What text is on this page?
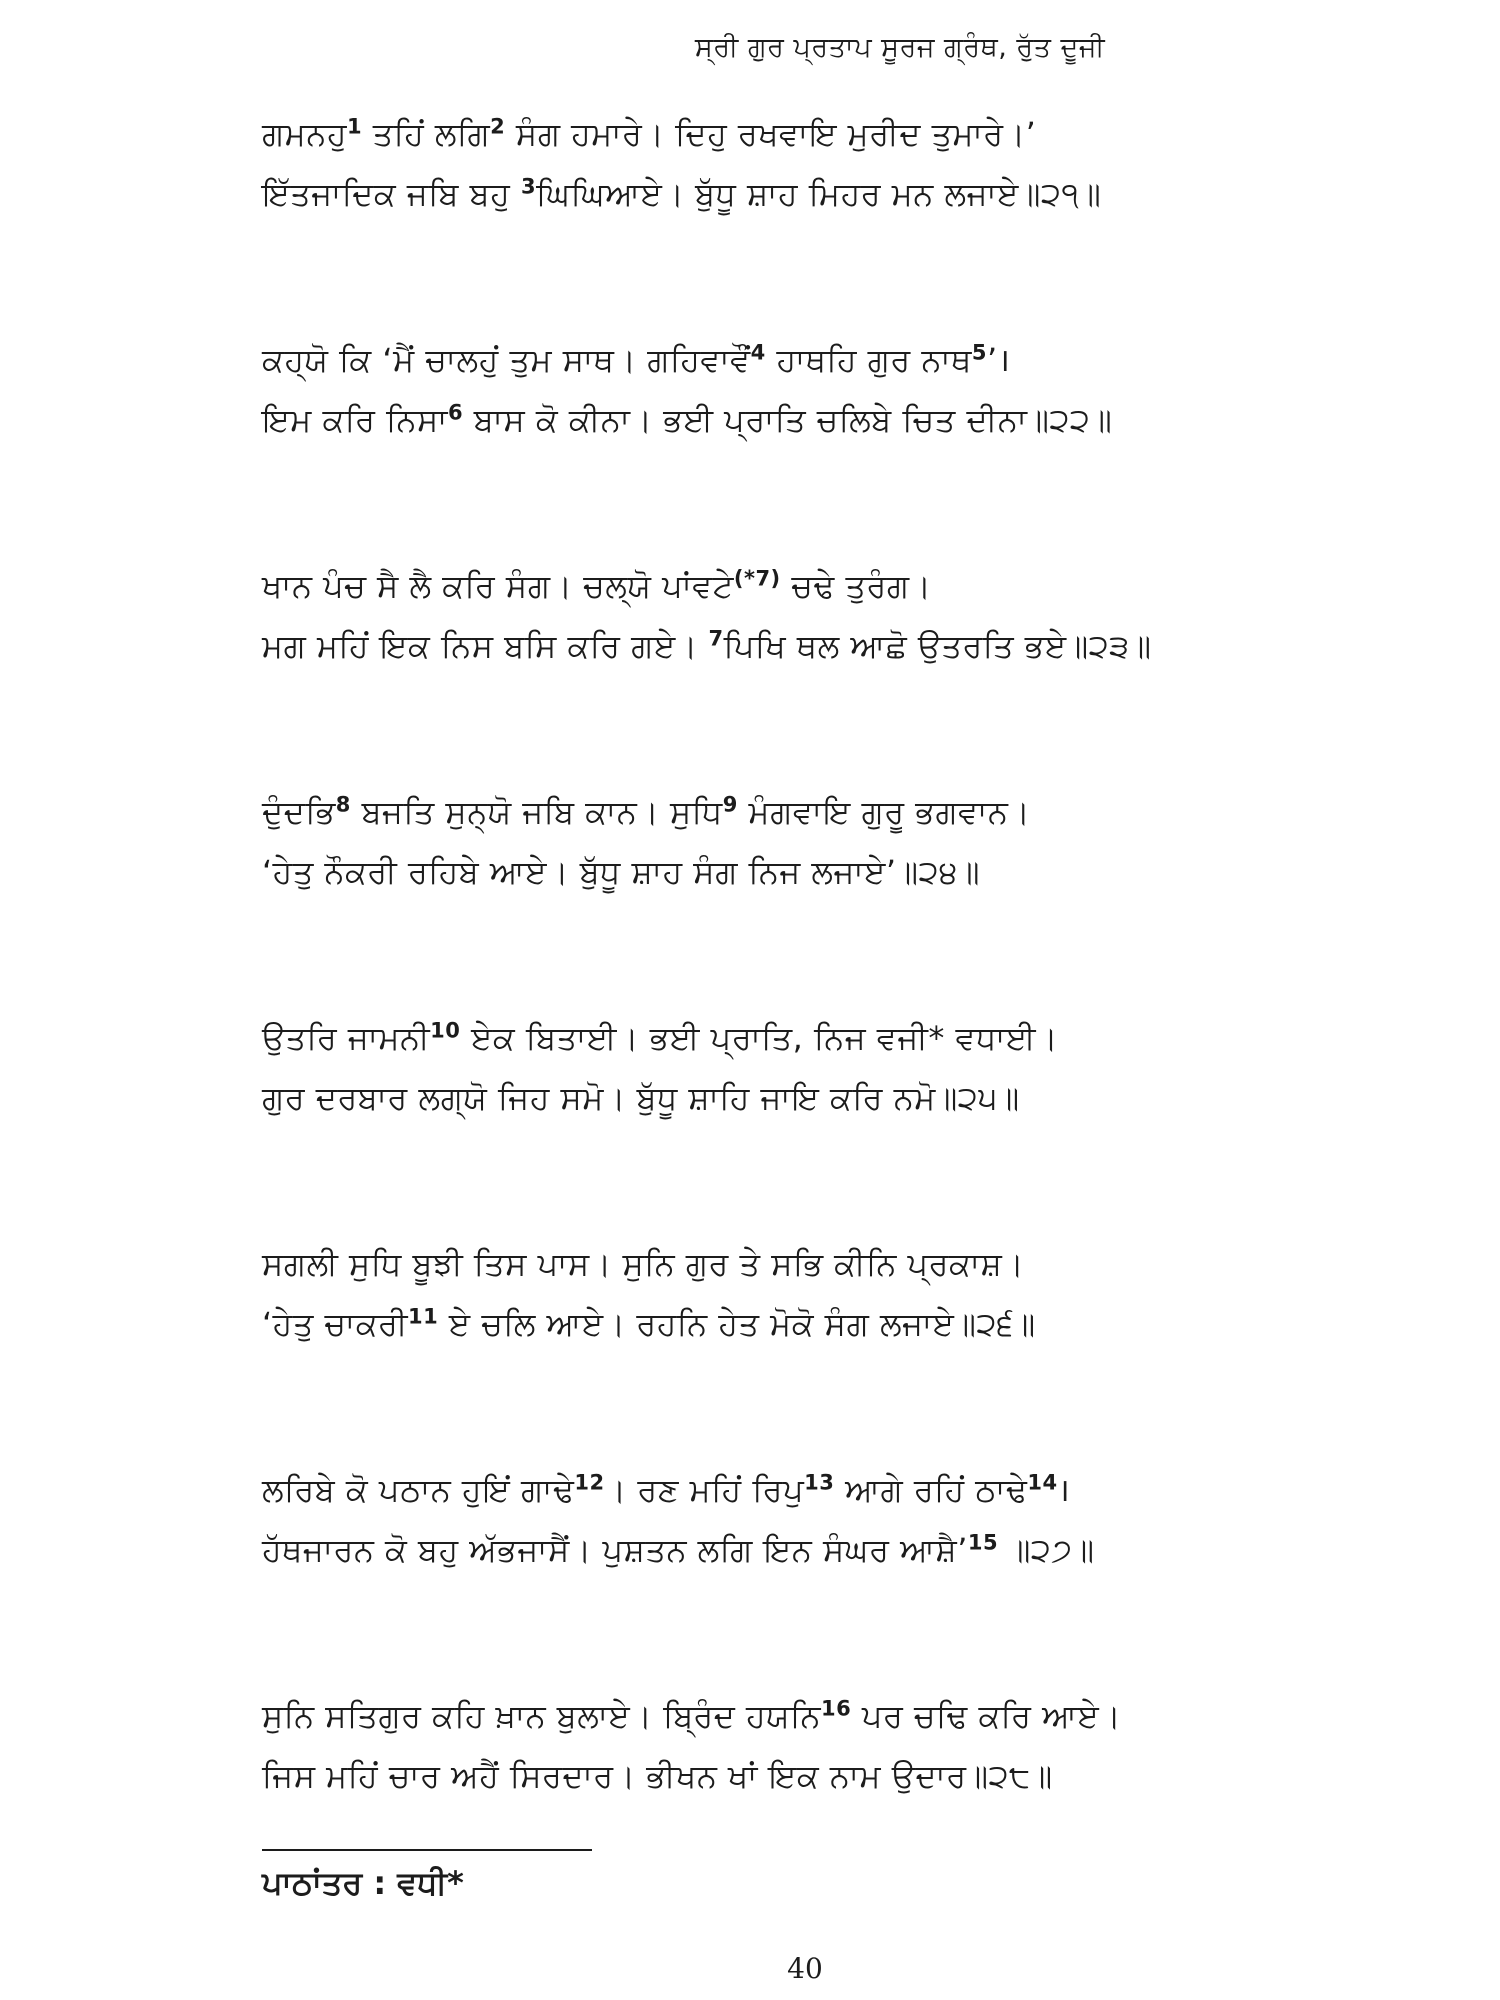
ਸ੍ਰੀ ਗੁਰ ਪ੍ਰਤਾਪ ਸੂਰਜ ਗ੍ਰੰਥ, ਰੁੱਤ ਦੂਜੀ
ਗਮਨਹੁ$^1$ ਤਹਿਂ ਲਗਿ$^2$ ਸੰਗ ਹਮਾਰੇ। ਦਿਹੁ ਰਖਵਾਇ ਮੁਰੀਦ ਤੁਮਾਰੇ।’
ਇੱਤਜਾਦਿਕ ਜਬਿ ਬਹੁ $^3$ਘਿਘਿਆਏ। ਬੁੱਧੂ ਸ਼ਾਹ ਮਿਹਰ ਮਨ ਲਜਾਏ॥੨੧॥
ਕਹ੍ਯੋ ਕਿ ‘ਮੈਂ ਚਾਲਹੁਂ ਤੁਮ ਸਾਥ। ਗਹਿਵਾਵੌਂ$^4$ ਹਾਥਹਿ ਗੁਰ ਨਾਥ$^5$’।
ਇਮ ਕਰਿ ਨਿਸਾ$^6$ ਬਾਸ ਕੋ ਕੀਨਾ। ਭਈ ਪ੍ਰਾਤਿ ਚਲਿਬੇ ਚਿਤ ਦੀਨਾ॥੨੨॥
ਖਾਨ ਪੰਚ ਸੈ ਲੈ ਕਰਿ ਸੰਗ। ਚਲ੍ਯੋ ਪਾਂਵਟੇ$^{(*7)}$ ਚਢੇ ਤੁਰੰਗ।
ਮਗ ਮਹਿਂ ਇਕ ਨਿਸ ਬਸਿ ਕਰਿ ਗਏ। $^7$ਪਿਖਿ ਥਲ ਆਛੋ ਉਤਰਤਿ ਭਏ॥੨੩॥
ਦੁੰਦਭਿ$^8$ ਬਜਤਿ ਸੁਨ੍ਯੋ ਜਬਿ ਕਾਨ। ਸੁਧਿ$^9$ ਮੰਗਵਾਇ ਗੁਰੂ ਭਗਵਾਨ।
‘ਹੇਤੁ ਨੌਕਰੀ ਰਹਿਬੇ ਆਏ। ਬੁੱਧੂ ਸ਼ਾਹ ਸੰਗ ਨਿਜ ਲਜਾਏ’॥੨੪॥
ਉਤਰਿ ਜਾਮਨੀ$^{10}$ ਏਕ ਬਿਤਾਈ। ਭਈ ਪ੍ਰਾਤਿ, ਨਿਜ ਵਜੀ* ਵਧਾਈ।
ਗੁਰ ਦਰਬਾਰ ਲਗ੍ਯੋ ਜਿਹ ਸਮੋ। ਬੁੱਧੂ ਸ਼ਾਹਿ ਜਾਇ ਕਰਿ ਨਮੋ॥੨੫॥
ਸਗਲੀ ਸੁਧਿ ਬੂਝੀ ਤਿਸ ਪਾਸ। ਸੁਨਿ ਗੁਰ ਤੇ ਸਭਿ ਕੀਨਿ ਪ੍ਰਕਾਸ਼।
‘ਹੇਤੁ ਚਾਕਰੀ$^{11}$ ਏ ਚਲਿ ਆਏ। ਰਹਨਿ ਹੇਤ ਮੋਕੋ ਸੰਗ ਲਜਾਏ॥੨੬॥
ਲਰਿਬੇ ਕੋ ਪਠਾਨ ਹੁਇਂ ਗਾਢੇ$^{12}$। ਰਣ ਮਹਿਂ ਰਿਪੁ$^{13}$ ਆਗੇ ਰਹਿਂ ਠਾਢੇ$^{14}$।
ਹੱਥਜਾਰਨ ਕੋ ਬਹੁ ਅੱਭਜਾਸੈਂ। ਪੁਸ਼ਤਨ ਲਗਿ ਇਨ ਸੰਘਰ ਆਸ਼ੈ’$^{15}$ ॥੨੭॥
ਸੁਨਿ ਸਤਿਗੁਰ ਕਹਿ ਖ਼ਾਨ ਬੁਲਾਏ। ਬ੍ਰਿੰਦ ਹਯਨਿ$^{16}$ ਪਰ ਚਢਿ ਕਰਿ ਆਏ।
ਜਿਸ ਮਹਿਂ ਚਾਰ ਅਹੈਂ ਸਿਰਦਾਰ। ਭੀਖਨ ਖਾਂ ਇਕ ਨਾਮ ਉਦਾਰ॥੨੮॥
ਪਾਠਾਂਤਰ : ਵਧੀ*
40
